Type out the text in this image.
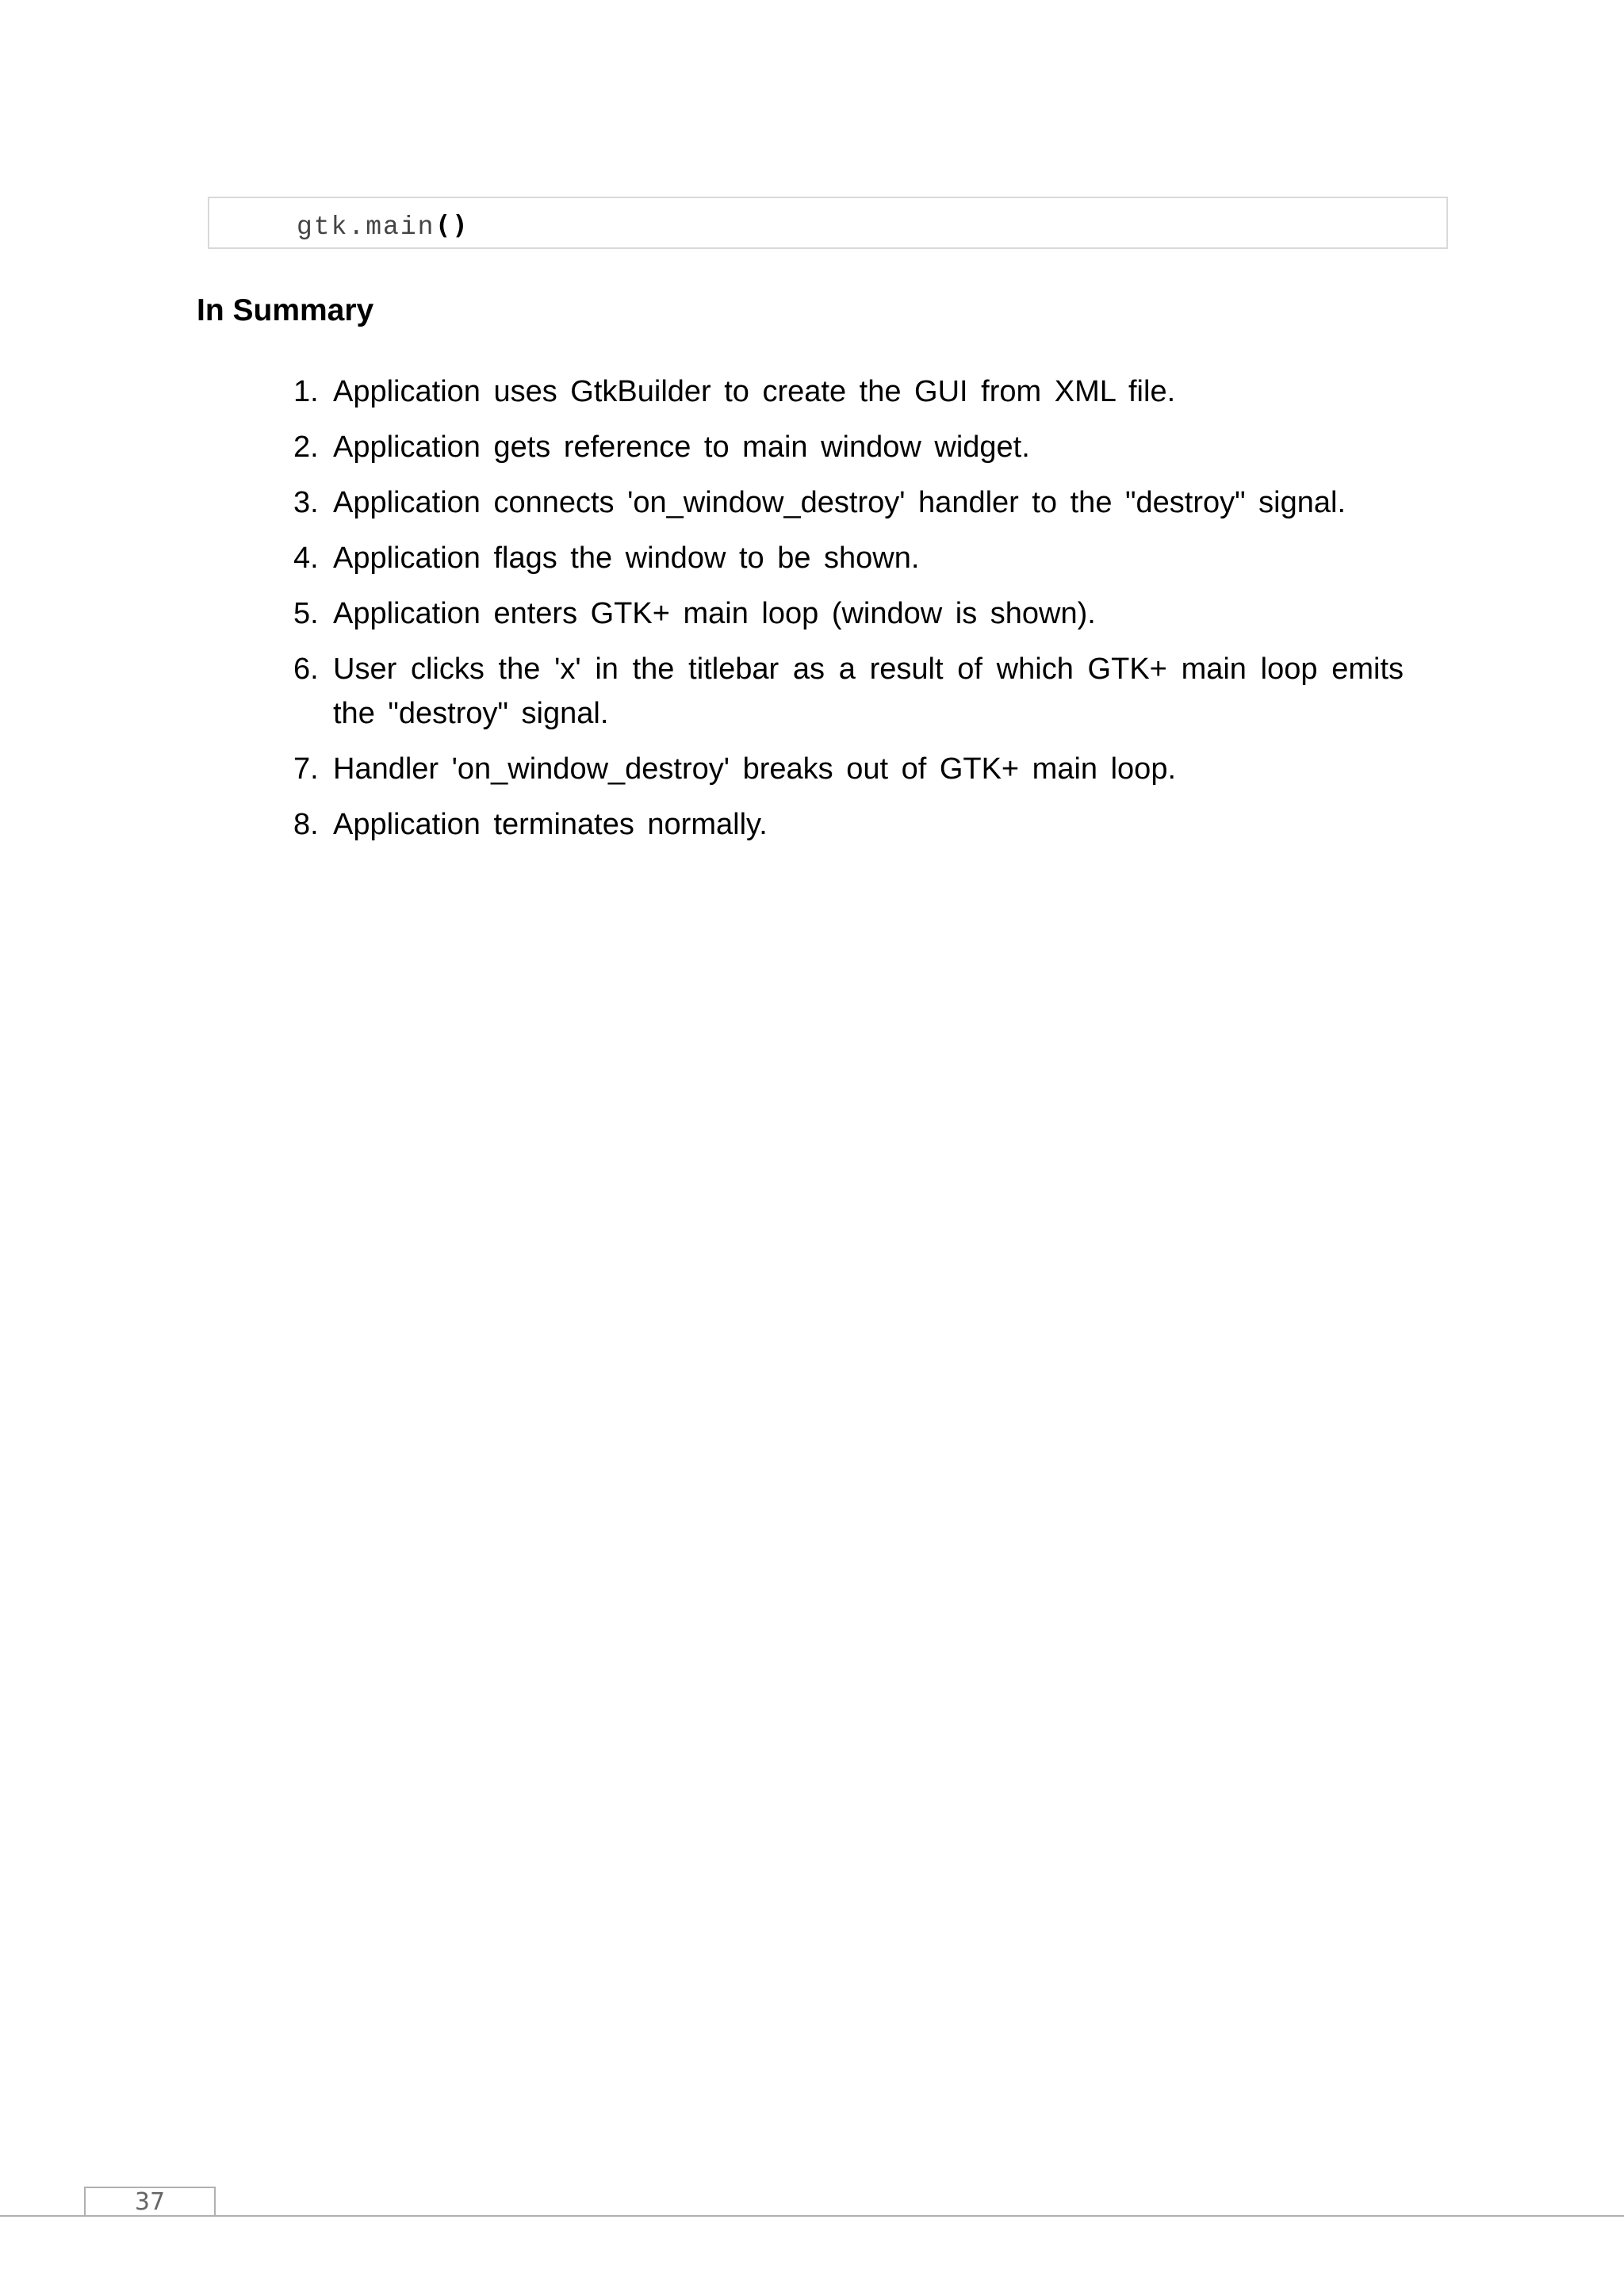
gtk.main()
In Summary
1. Application uses GtkBuilder to create the GUI from XML file.
2. Application gets reference to main window widget.
3. Application connects 'on_window_destroy' handler to the "destroy" signal.
4. Application flags the window to be shown.
5. Application enters GTK+ main loop (window is shown).
6. User clicks the 'x' in the titlebar as a result of which GTK+ main loop emits the "destroy" signal.
7. Handler 'on_window_destroy' breaks out of GTK+ main loop.
8. Application terminates normally.
37
